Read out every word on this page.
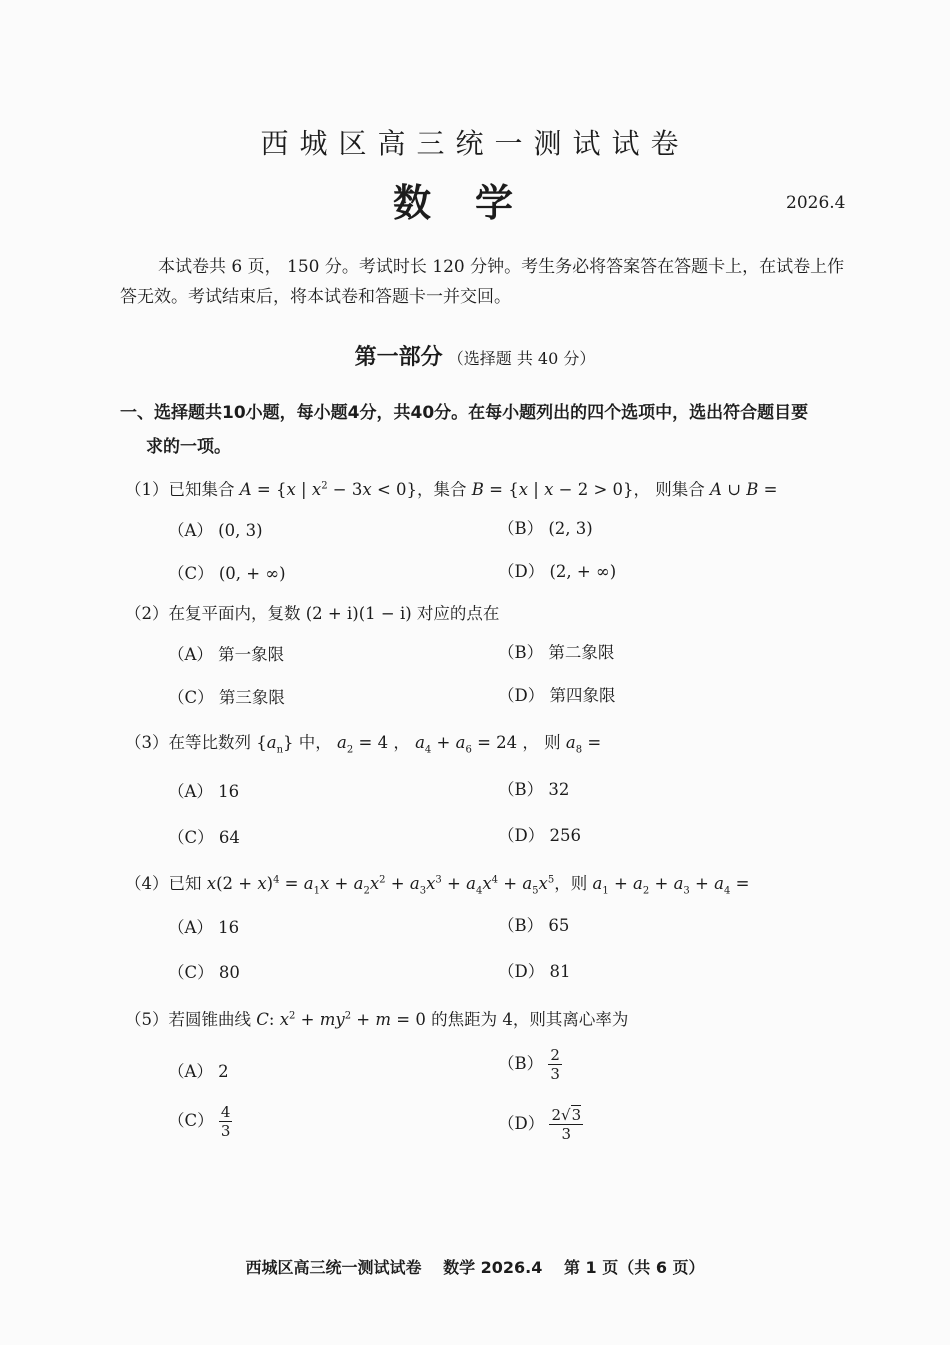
西城区高三统一测试试卷
数学	2026.4
本试卷共 6 页， 150 分。考试时长 120 分钟。考生务必将答案答在答题卡上，在试卷上作答无效。考试结束后，将本试卷和答题卡一并交回。
第一部分 （选择题 共 40 分）
一、选择题共10小题，每小题4分，共40分。在每小题列出的四个选项中，选出符合题目要
求的一项。
（1）已知集合 A = {x | $x^2 - 3x < 0$}，集合 B = {x | x − 2 > 0}， 则集合 A ∪ B =
（A） (0, 3)	（B） (2, 3)
（C） (0, + ∞)	（D） (2, + ∞)
（2）在复平面内，复数 (2 + i)(1 − i) 对应的点在
（A） 第一象限	（B） 第二象限
（C） 第三象限	（D） 第四象限
（3）在等比数列 $\{a_n\}$ 中， $a_2 = 4$ ， $a_4 + a_6 = 24$ ， 则 $a_8$ =
（A） 16	（B） 32
（C） 64	（D） 256
（4）已知 $x(2 + x)^4 = a_1x + a_2x^2 + a_3x^3 + a_4x^4 + a_5x^5$，则 $a_1 + a_2 + a_3 + a_4$ =
（A） 16	（B） 65
（C） 80	（D） 81
（5）若圆锥曲线 C: $x^2 + my^2 + m = 0$ 的焦距为 4，则其离心率为
（A） 2	$(B) \frac{2}{3}$
$(C) \frac{4}{3}$	$(D) \frac{2√3}{3}$
西城区高三统一测试试卷 数学 2026.4 第 1 页（共 6 页）
